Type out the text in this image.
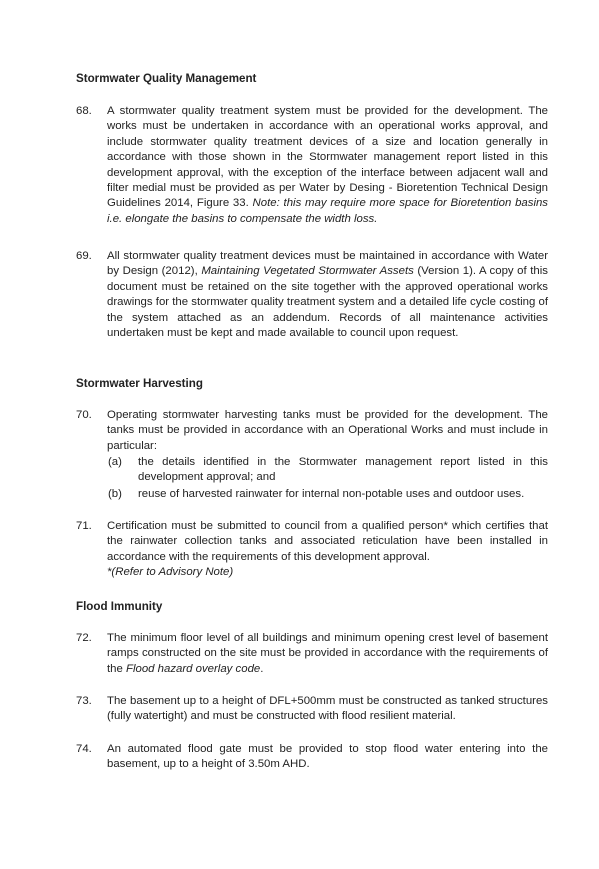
Stormwater Quality Management
68. A stormwater quality treatment system must be provided for the development. The works must be undertaken in accordance with an operational works approval, and include stormwater quality treatment devices of a size and location generally in accordance with those shown in the Stormwater management report listed in this development approval, with the exception of the interface between adjacent wall and filter medial must be provided as per Water by Desing - Bioretention Technical Design Guidelines 2014, Figure 33. Note: this may require more space for Bioretention basins i.e. elongate the basins to compensate the width loss.
69. All stormwater quality treatment devices must be maintained in accordance with Water by Design (2012), Maintaining Vegetated Stormwater Assets (Version 1). A copy of this document must be retained on the site together with the approved operational works drawings for the stormwater quality treatment system and a detailed life cycle costing of the system attached as an addendum. Records of all maintenance activities undertaken must be kept and made available to council upon request.
Stormwater Harvesting
70. Operating stormwater harvesting tanks must be provided for the development. The tanks must be provided in accordance with an Operational Works and must include in particular:
(a) the details identified in the Stormwater management report listed in this development approval; and
(b) reuse of harvested rainwater for internal non-potable uses and outdoor uses.
71. Certification must be submitted to council from a qualified person* which certifies that the rainwater collection tanks and associated reticulation have been installed in accordance with the requirements of this development approval.
*(Refer to Advisory Note)
Flood Immunity
72. The minimum floor level of all buildings and minimum opening crest level of basement ramps constructed on the site must be provided in accordance with the requirements of the Flood hazard overlay code.
73. The basement up to a height of DFL+500mm must be constructed as tanked structures (fully watertight) and must be constructed with flood resilient material.
74. An automated flood gate must be provided to stop flood water entering into the basement, up to a height of 3.50m AHD.
